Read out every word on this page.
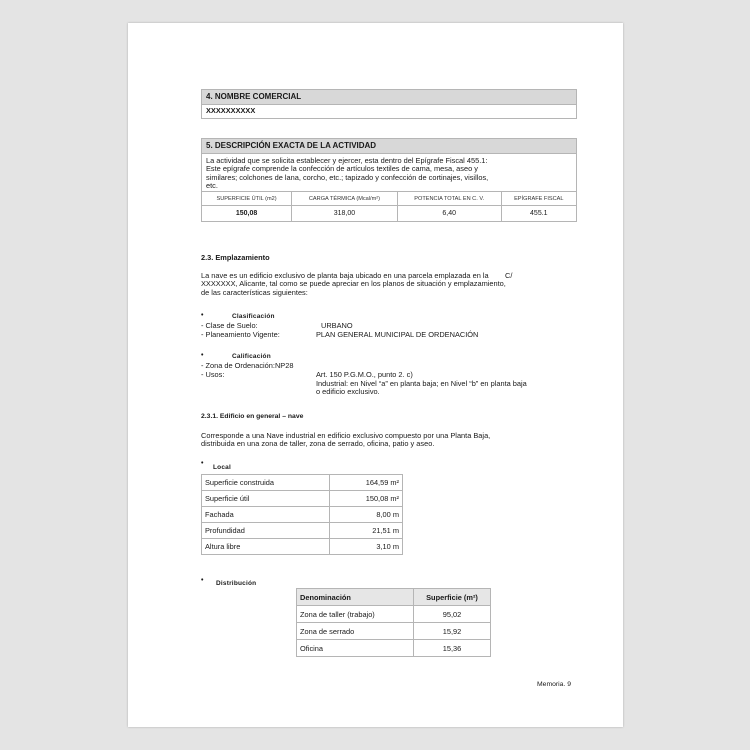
4. NOMBRE COMERCIAL
XXXXXXXXXX
5. DESCRIPCIÓN EXACTA DE LA ACTIVIDAD
La actividad que se solicita establecer y ejercer, esta dentro del Epígrafe Fiscal 455.1:
Este epígrafe comprende la confección de artículos textiles de cama, mesa, aseo y
similares; colchones de lana, corcho, etc.; tapizado y confección de cortinajes, visillos,
etc.
SUPERFICIE ÚTIL (m2)	CARGA TÉRMICA (Mcal/m²)	POTENCIA TOTAL EN C. V.	EPÍGRAFE FISCAL
150,08	318,00	6,40	455.1
2.3. Emplazamiento
La nave es un edificio exclusivo de planta baja ubicado en una parcela emplazada en la        C/
XXXXXXX, Alicante, tal como se puede apreciar en los planos de situación y emplazamiento,
de las características siguientes:
•	Clasificación
- Clase de Suelo:	URBANO
- Planeamiento Vigente:	PLAN GENERAL MUNICIPAL DE ORDENACIÓN
•	Calificación
- Zona de Ordenación:NP28
- Usos:	Art. 150 P.G.M.O., punto 2. c)
Industrial: en Nivel “a” en planta baja; en Nivel “b” en planta baja
o edificio exclusivo.
2.3.1. Edificio en general – nave
Corresponde a una Nave industrial en edificio exclusivo compuesto por una Planta Baja,
distribuida en una zona de taller, zona de serrado, oficina, patio y aseo.
•
Local
Superficie construida	164,59 m²
Superficie útil	150,08 m²
Fachada	8,00 m
Profundidad	21,51 m
Altura libre	3,10 m
• Distribución
Denominación	Superficie (m²)
Zona de taller (trabajo)	95,02
Zona de serrado	15,92
Oficina	15,36
Memoria. 9
